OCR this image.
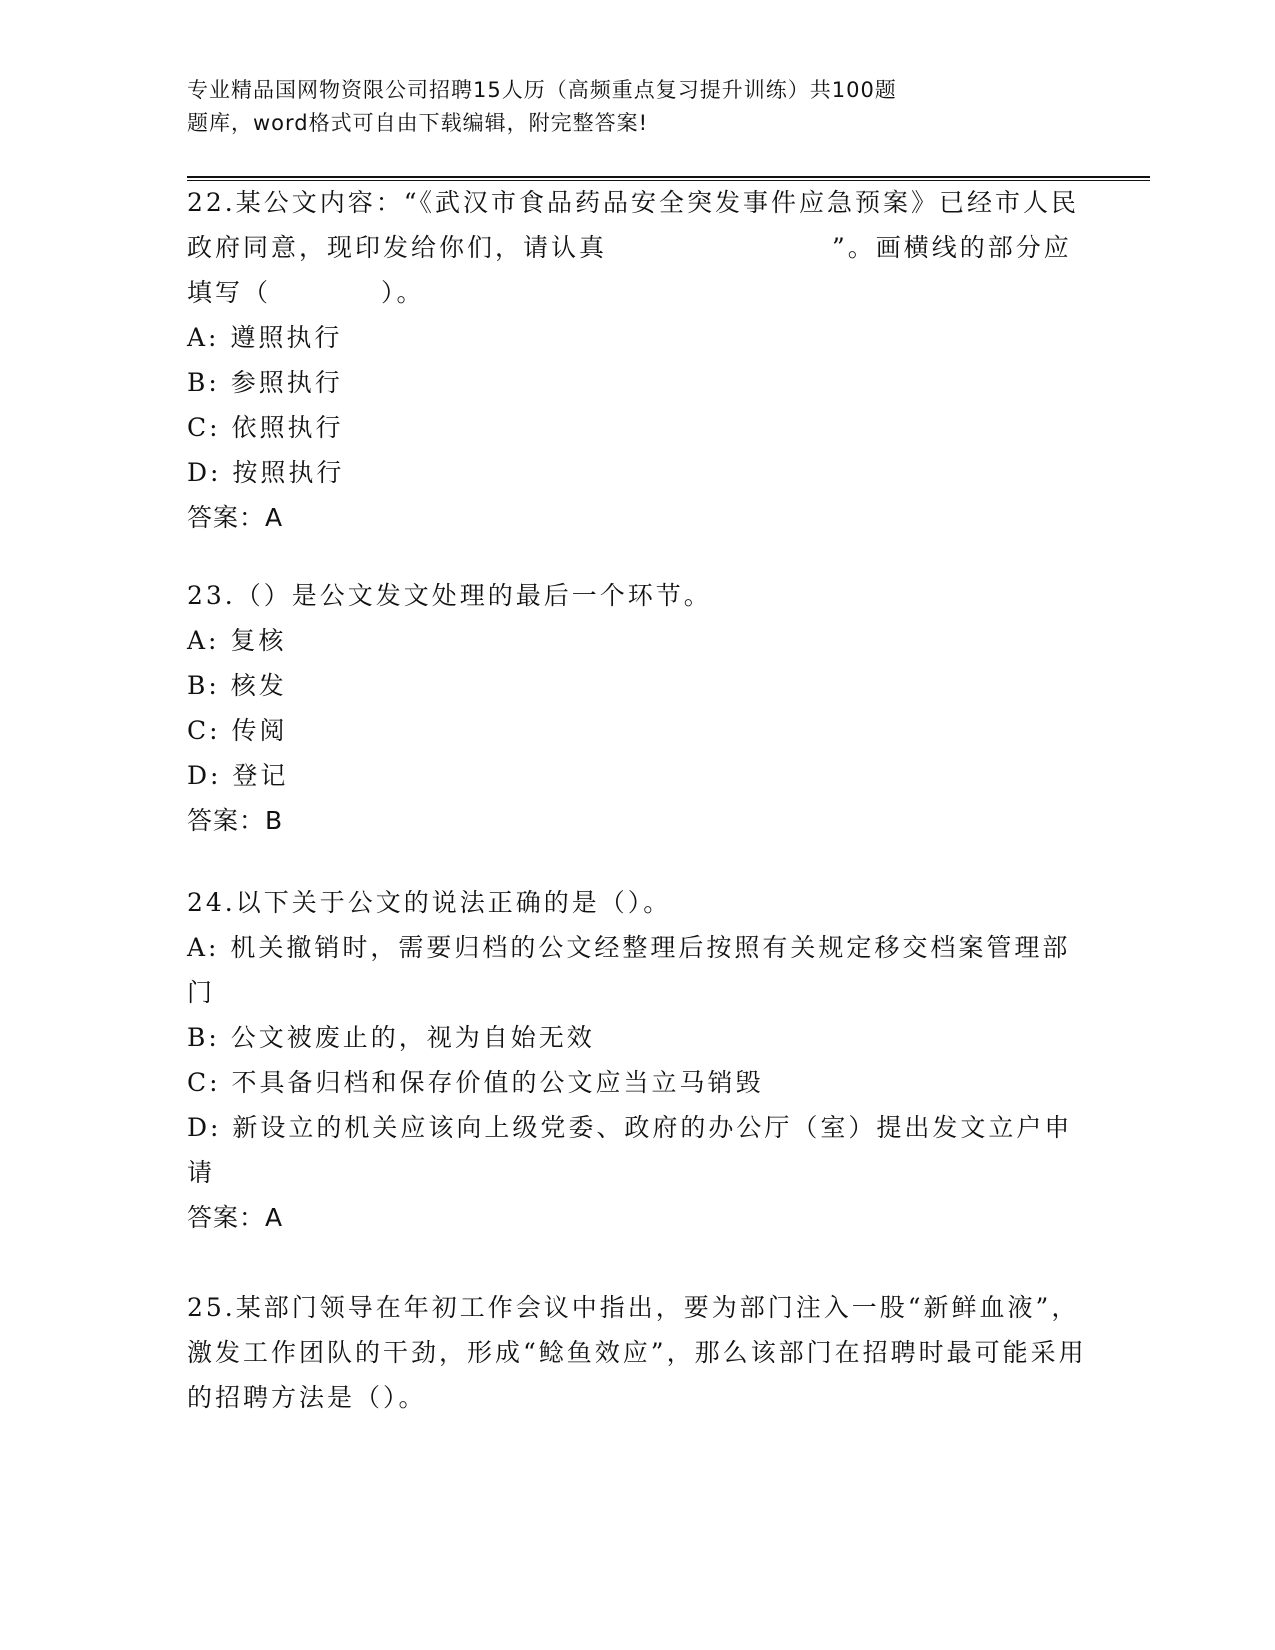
专业精品国网物资限公司招聘15人历（高频重点复习提升训练）共100题
题库，word格式可自由下载编辑，附完整答案!

22.某公文内容：“《武汉市食品药品安全突发事件应急预案》已经市人民政府同意，现印发给你们，请认真	”。画横线的部分应填写（	）。

A: 遵照执行

B: 参照执行

C: 依照执行

D: 按照执行

答案：A

23.（）是公文发文处理的最后一个环节。

A: 复核

B: 核发

C: 传阅

D: 登记

答案：B

24.以下关于公文的说法正确的是（）。

A: 机关撤销时，需要归档的公文经整理后按照有关规定移交档案管理部门

B: 公文被废止的，视为自始无效

C: 不具备归档和保存价值的公文应当立马销毁

D: 新设立的机关应该向上级党委、政府的办公厅（室）提出发文立户申请

答案：A

25.某部门领导在年初工作会议中指出，要为部门注入一股“新鲜血液”，激发工作团队的干劲，形成“鲶鱼效应”，那么该部门在招聘时最可能采用的招聘方法是（）。
